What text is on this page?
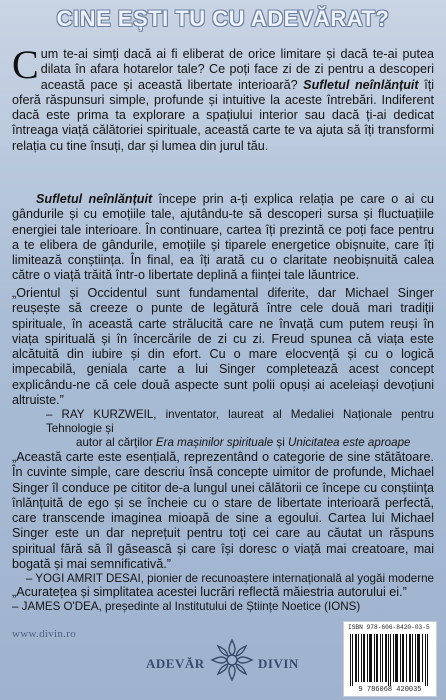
CINE EȘTI TU CU ADEVĂRAT?
Cum te-ai simți dacă ai fi eliberat de orice limitare și dacă te-ai putea dilata în afara hotarelor tale? Ce poți face zi de zi pentru a descoperi această pace și această libertate interioară? Sufletul neînlănțuit îți oferă răspunsuri simple, profunde și intuitive la aceste întrebări. Indiferent dacă este prima ta explorare a spațiului interior sau dacă ți-ai dedicat întreaga viață călătoriei spirituale, această carte te va ajuta să îți transformi relația cu tine însuți, dar și lumea din jurul tău.
Sufletul neînlănțuit începe prin a-ți explica relația pe care o ai cu gândurile și cu emoțiile tale, ajutându-te să descoperi sursa și fluctuațiile energiei tale interioare. În continuare, cartea îți prezintă ce poți face pentru a te elibera de gândurile, emoțiile și tiparele energetice obișnuite, care îți limitează conștiința. În final, ea îți arată cu o claritate neobișnuită calea către o viață trăită într-o libertate deplină a ființei tale lăuntrice.
„Orientul și Occidentul sunt fundamental diferite, dar Michael Singer reușește să creeze o punte de legătură între cele două mari tradiții spirituale, în această carte strălucită care ne învață cum putem reuși în viața spirituală și în încercările de zi cu zi. Freud spunea că viața este alcătuită din iubire și din efort. Cu o mare elocvență și cu o logică impecabilă, geniala carte a lui Singer completează acest concept explicându-ne că cele două aspecte sunt polii opuși ai aceleiași devoțiuni altruiste.”
– RAY KURZWEIL, inventator, laureat al Medaliei Naționale pentru Tehnologie și
autor al cărților Era mașinilor spirituale și Unicitatea este aproape
„Această carte este esențială, reprezentând o categorie de sine stătătoare. În cuvinte simple, care descriu însă concepte uimitor de profunde, Michael Singer îl conduce pe cititor de-a lungul unei călătorii ce începe cu conștiința înlănțuită de ego și se încheie cu o stare de libertate interioară perfectă, care transcende imaginea mioapă de sine a egoului. Cartea lui Michael Singer este un dar neprețuit pentru toți cei care au căutat un răspuns spiritual fără să îl găsească și care își doresc o viață mai creatoare, mai bogată și mai semnificativă.”
– YOGI AMRIT DESAI, pionier de recunoaștere internațională al yogăi moderne
„Acuratețea și simplitatea acestei lucrări reflectă măiestria autorului ei.”
– JAMES O'DEA, președinte al Institutului de Științe Noetice (IONS)
www.divin.ro
ADEVĂR	DIVIN
ISBN 978-606-8420-03-5
9 786068 420035
